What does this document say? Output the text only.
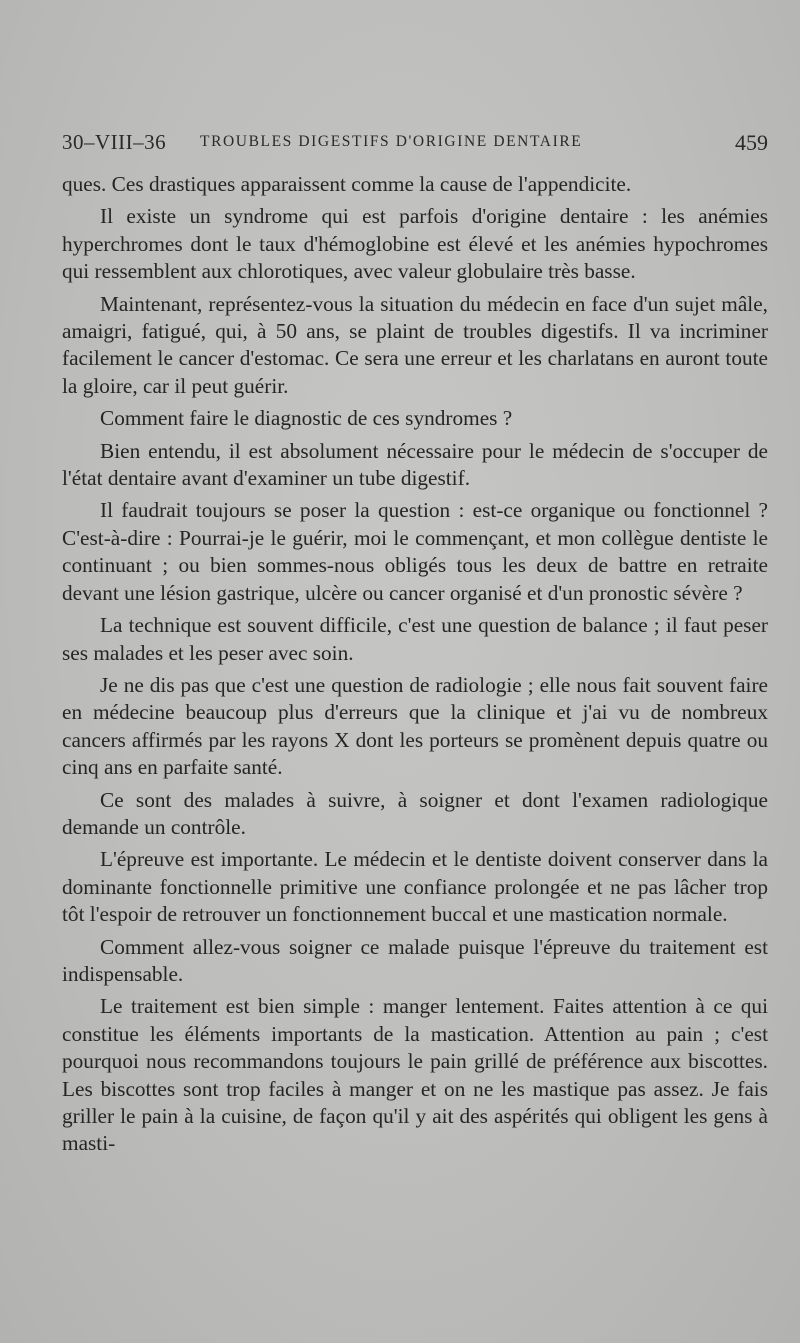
30–VIII–36 TROUBLES DIGESTIFS D'ORIGINE DENTAIRE	459

ques. Ces drastiques apparaissent comme la cause de l'appendicite.

Il existe un syndrome qui est parfois d'origine dentaire : les anémies hyperchromes dont le taux d'hémoglobine est élevé et les anémies hypochromes qui ressemblent aux chlorotiques, avec valeur globulaire très basse.

Maintenant, représentez-vous la situation du médecin en face d'un sujet mâle, amaigri, fatigué, qui, à 50 ans, se plaint de troubles digestifs. Il va incriminer facilement le cancer d'estomac. Ce sera une erreur et les charlatans en auront toute la gloire, car il peut guérir.

Comment faire le diagnostic de ces syndromes ?

Bien entendu, il est absolument nécessaire pour le médecin de s'occuper de l'état dentaire avant d'examiner un tube digestif.

Il faudrait toujours se poser la question : est-ce organique ou fonctionnel ? C'est-à-dire : Pourrai-je le guérir, moi le commençant, et mon collègue dentiste le continuant ; ou bien sommes-nous obligés tous les deux de battre en retraite devant une lésion gastrique, ulcère ou cancer organisé et d'un pronostic sévère ?

La technique est souvent difficile, c'est une question de balance ; il faut peser ses malades et les peser avec soin.

Je ne dis pas que c'est une question de radiologie ; elle nous fait souvent faire en médecine beaucoup plus d'erreurs que la clinique et j'ai vu de nombreux cancers affirmés par les rayons X dont les porteurs se promènent depuis quatre ou cinq ans en parfaite santé.

Ce sont des malades à suivre, à soigner et dont l'examen radiologique demande un contrôle.

L'épreuve est importante. Le médecin et le dentiste doivent conserver dans la dominante fonctionnelle primitive une confiance prolongée et ne pas lâcher trop tôt l'espoir de retrouver un fonctionnement buccal et une mastication normale.

Comment allez-vous soigner ce malade puisque l'épreuve du traitement est indispensable.

Le traitement est bien simple : manger lentement. Faites attention à ce qui constitue les éléments importants de la mastication. Attention au pain ; c'est pourquoi nous recommandons toujours le pain grillé de préférence aux biscottes. Les biscottes sont trop faciles à manger et on ne les mastique pas assez. Je fais griller le pain à la cuisine, de façon qu'il y ait des aspérités qui obligent les gens à masti-
